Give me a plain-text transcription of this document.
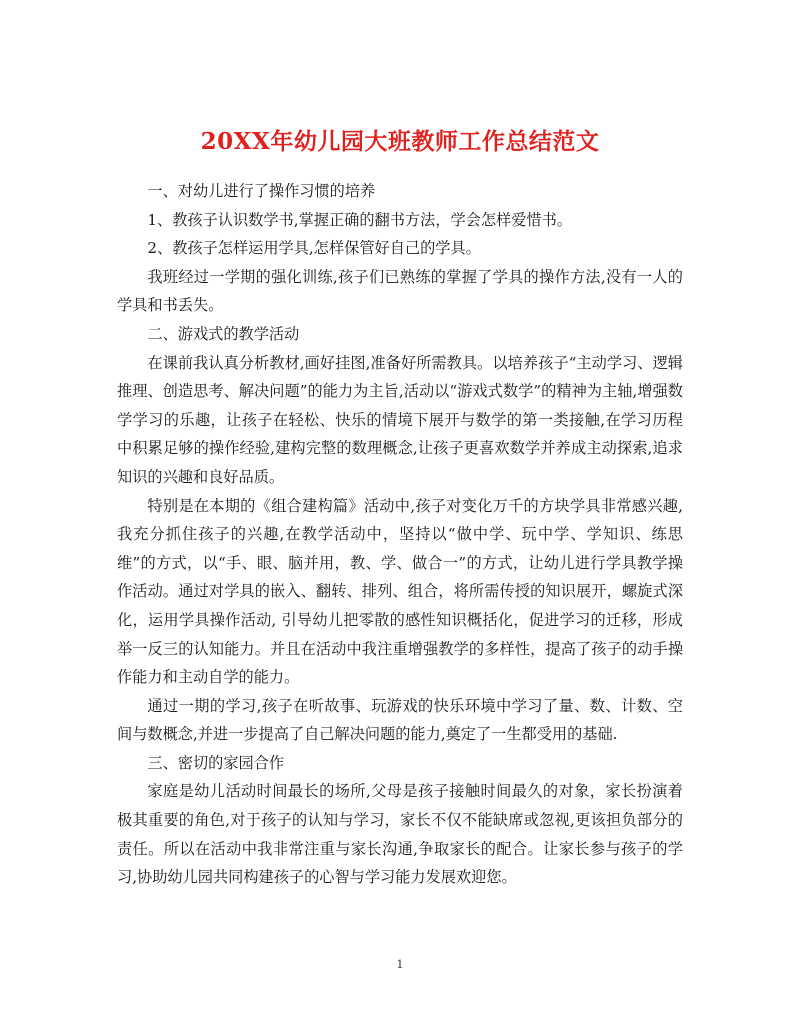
20XX年幼儿园大班教师工作总结范文

一、对幼儿进行了操作习惯的培养

1、教孩子认识数学书,掌握正确的翻书方法，学会怎样爱惜书。

2、教孩子怎样运用学具,怎样保管好自己的学具。

我班经过一学期的强化训练,孩子们已熟练的掌握了学具的操作方法,没有一人的学具和书丢失。

二、游戏式的教学活动

在课前我认真分析教材,画好挂图,准备好所需教具。以培养孩子“主动学习、逻辑推理、创造思考、解决问题”的能力为主旨,活动以“游戏式数学”的精神为主轴,增强数学学习的乐趣，让孩子在轻松、快乐的情境下展开与数学的第一类接触,在学习历程中积累足够的操作经验,建构完整的数理概念,让孩子更喜欢数学并养成主动探索,追求知识的兴趣和良好品质。

特别是在本期的《组合建构篇》活动中,孩子对变化万千的方块学具非常感兴趣,我充分抓住孩子的兴趣,在教学活动中，坚持以“做中学、玩中学、学知识、练思维”的方式，以“手、眼、脑并用，教、学、做合一”的方式，让幼儿进行学具教学操作活动。通过对学具的嵌入、翻转、排列、组合，将所需传授的知识展开，螺旋式深化，运用学具操作活动, 引导幼儿把零散的感性知识概括化，促进学习的迁移，形成举一反三的认知能力。并且在活动中我注重增强教学的多样性，提高了孩子的动手操作能力和主动自学的能力。

通过一期的学习,孩子在听故事、玩游戏的快乐环境中学习了量、数、计数、空间与数概念,并进一步提高了自己解决问题的能力,奠定了一生都受用的基础.

三、密切的家园合作

家庭是幼儿活动时间最长的场所,父母是孩子接触时间最久的对象，家长扮演着极其重要的角色,对于孩子的认知与学习，家长不仅不能缺席或忽视,更该担负部分的责任。所以在活动中我非常注重与家长沟通,争取家长的配合。让家长参与孩子的学习,协助幼儿园共同构建孩子的心智与学习能力发展欢迎您。

1
